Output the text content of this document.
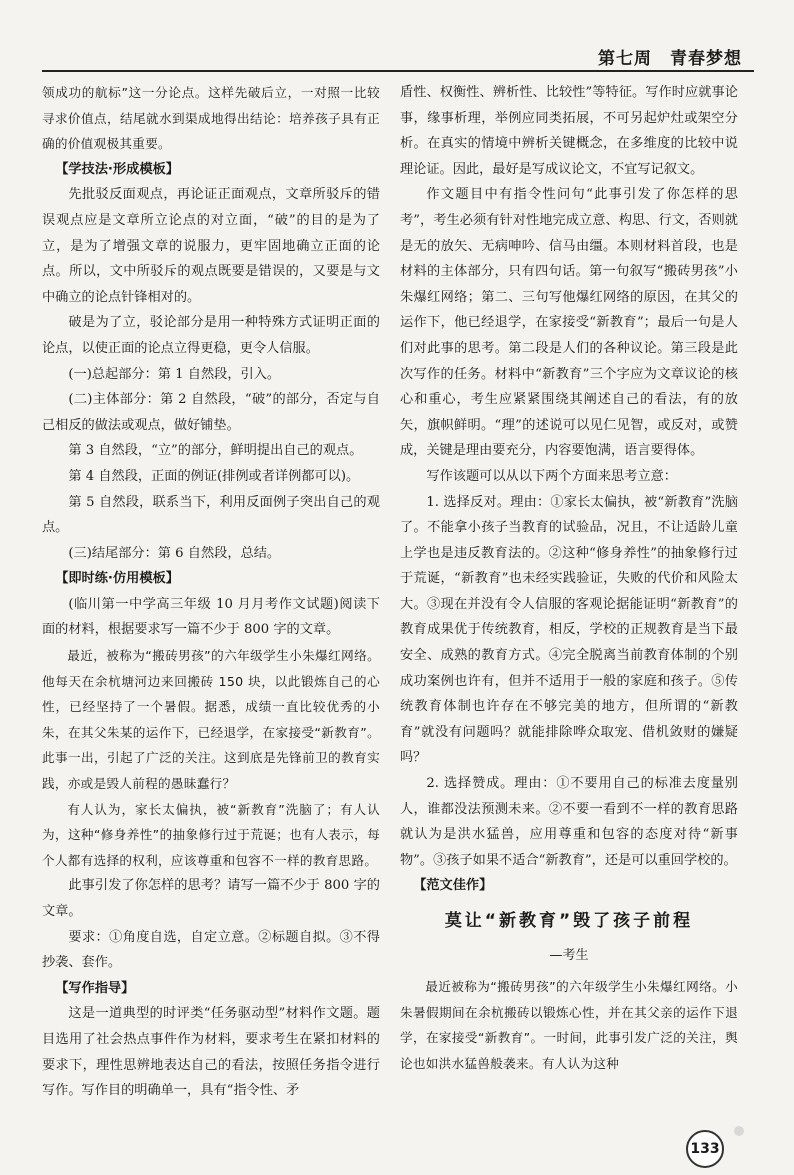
第七周　青春梦想

领成功的航标”这一分论点。这样先破后立，一对照一比较寻求价值点，结尾就水到渠成地得出结论：培养孩子具有正确的价值观极其重要。

【学技法·形成模板】

先批驳反面观点，再论证正面观点，文章所驳斥的错误观点应是文章所立论点的对立面，“破”的目的是为了立，是为了增强文章的说服力，更牢固地确立正面的论点。所以，文中所驳斥的观点既要是错误的，又要是与文中确立的论点针锋相对的。

破是为了立，驳论部分是用一种特殊方式证明正面的论点，以使正面的论点立得更稳，更令人信服。

(一)总起部分：第 1 自然段，引入。

(二)主体部分：第 2 自然段，“破”的部分，否定与自己相反的做法或观点，做好铺垫。

第 3 自然段，“立”的部分，鲜明提出自己的观点。

第 4 自然段，正面的例证(排例或者详例都可以)。

第 5 自然段，联系当下，利用反面例子突出自己的观点。

(三)结尾部分：第 6 自然段，总结。

【即时练·仿用模板】

(临川第一中学高三年级 10 月月考作文试题)阅读下面的材料，根据要求写一篇不少于 800 字的文章。

最近，被称为“搬砖男孩”的六年级学生小朱爆红网络。他每天在余杭塘河边来回搬砖 150 块，以此锻炼自己的心性，已经坚持了一个暑假。据悉，成绩一直比较优秀的小朱，在其父朱某的运作下，已经退学，在家接受“新教育”。此事一出，引起了广泛的关注。这到底是先锋前卫的教育实践，亦或是毁人前程的愚昧蠢行？

有人认为，家长太偏执，被“新教育”洗脑了；有人认为，这种“修身养性”的抽象修行过于荒诞；也有人表示，每个人都有选择的权利，应该尊重和包容不一样的教育思路。

此事引发了你怎样的思考？请写一篇不少于 800 字的文章。

要求：①角度自选，自定立意。②标题自拟。③不得抄袭、套作。

【写作指导】

这是一道典型的时评类“任务驱动型”材料作文题。题目选用了社会热点事件作为材料，要求考生在紧扣材料的要求下，理性思辨地表达自己的看法，按照任务指令进行写作。写作目的明确单一，具有“指令性、矛

盾性、权衡性、辨析性、比较性”等特征。写作时应就事论事，缘事析理，举例应同类拓展，不可另起炉灶或架空分析。在真实的情境中辨析关键概念，在多维度的比较中说理论证。因此，最好是写成议论文，不宜写记叙文。

作文题目中有指令性问句“此事引发了你怎样的思考”，考生必须有针对性地完成立意、构思、行文，否则就是无的放矢、无病呻吟、信马由缰。本则材料首段，也是材料的主体部分，只有四句话。第一句叙写“搬砖男孩”小朱爆红网络；第二、三句写他爆红网络的原因，在其父的运作下，他已经退学，在家接受“新教育”；最后一句是人们对此事的思考。第二段是人们的各种议论。第三段是此次写作的任务。材料中“新教育”三个字应为文章议论的核心和重心，考生应紧紧围绕其阐述自己的看法，有的放矢，旗帜鲜明。“理”的述说可以见仁见智，或反对，或赞成，关键是理由要充分，内容要饱满，语言要得体。

写作该题可以从以下两个方面来思考立意：

1. 选择反对。理由：①家长太偏执，被“新教育”洗脑了。不能拿小孩子当教育的试验品，况且，不让适龄儿童上学也是违反教育法的。②这种“修身养性”的抽象修行过于荒诞，“新教育”也未经实践验证，失败的代价和风险太大。③现在并没有令人信服的客观论据能证明“新教育”的教育成果优于传统教育，相反，学校的正规教育是当下最安全、成熟的教育方式。④完全脱离当前教育体制的个别成功案例也许有，但并不适用于一般的家庭和孩子。⑤传统教育体制也许存在不够完美的地方，但所谓的“新教育”就没有问题吗？就能排除哗众取宠、借机敛财的嫌疑吗？

2. 选择赞成。理由：①不要用自己的标准去度量别人，谁都没法预测未来。②不要一看到不一样的教育思路就认为是洪水猛兽，应用尊重和包容的态度对待“新事物”。③孩子如果不适合“新教育”，还是可以重回学校的。

【范文佳作】

莫让“新教育”毁了孩子前程
—考生

最近被称为“搬砖男孩”的六年级学生小朱爆红网络。小朱暑假期间在余杭搬砖以锻炼心性，并在其父亲的运作下退学，在家接受“新教育”。一时间，此事引发广泛的关注，舆论也如洪水猛兽般袭来。有人认为这种

133
